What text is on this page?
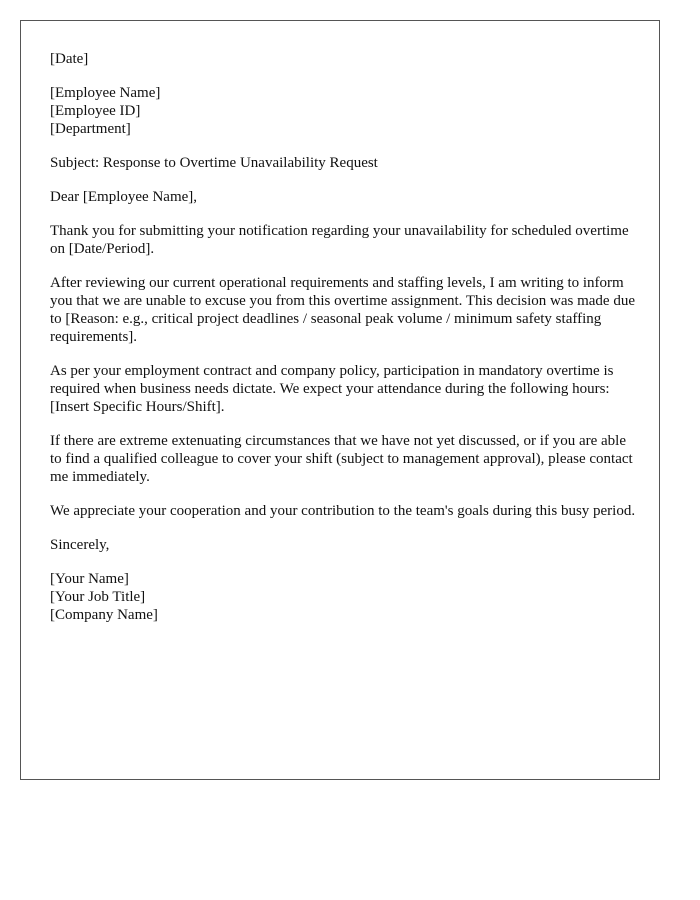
[Date]
[Employee Name]
[Employee ID]
[Department]

Subject: Response to Overtime Unavailability Request

Dear [Employee Name],

Thank you for submitting your notification regarding your unavailability for scheduled overtime on [Date/Period].

After reviewing our current operational requirements and staffing levels, I am writing to inform you that we are unable to excuse you from this overtime assignment. This decision was made due to [Reason: e.g., critical project deadlines / seasonal peak volume / minimum safety staffing requirements].

As per your employment contract and company policy, participation in mandatory overtime is required when business needs dictate. We expect your attendance during the following hours: [Insert Specific Hours/Shift].

If there are extreme extenuating circumstances that we have not yet discussed, or if you are able to find a qualified colleague to cover your shift (subject to management approval), please contact me immediately.

We appreciate your cooperation and your contribution to the team's goals during this busy period.

Sincerely,

[Your Name]
[Your Job Title]
[Company Name]
